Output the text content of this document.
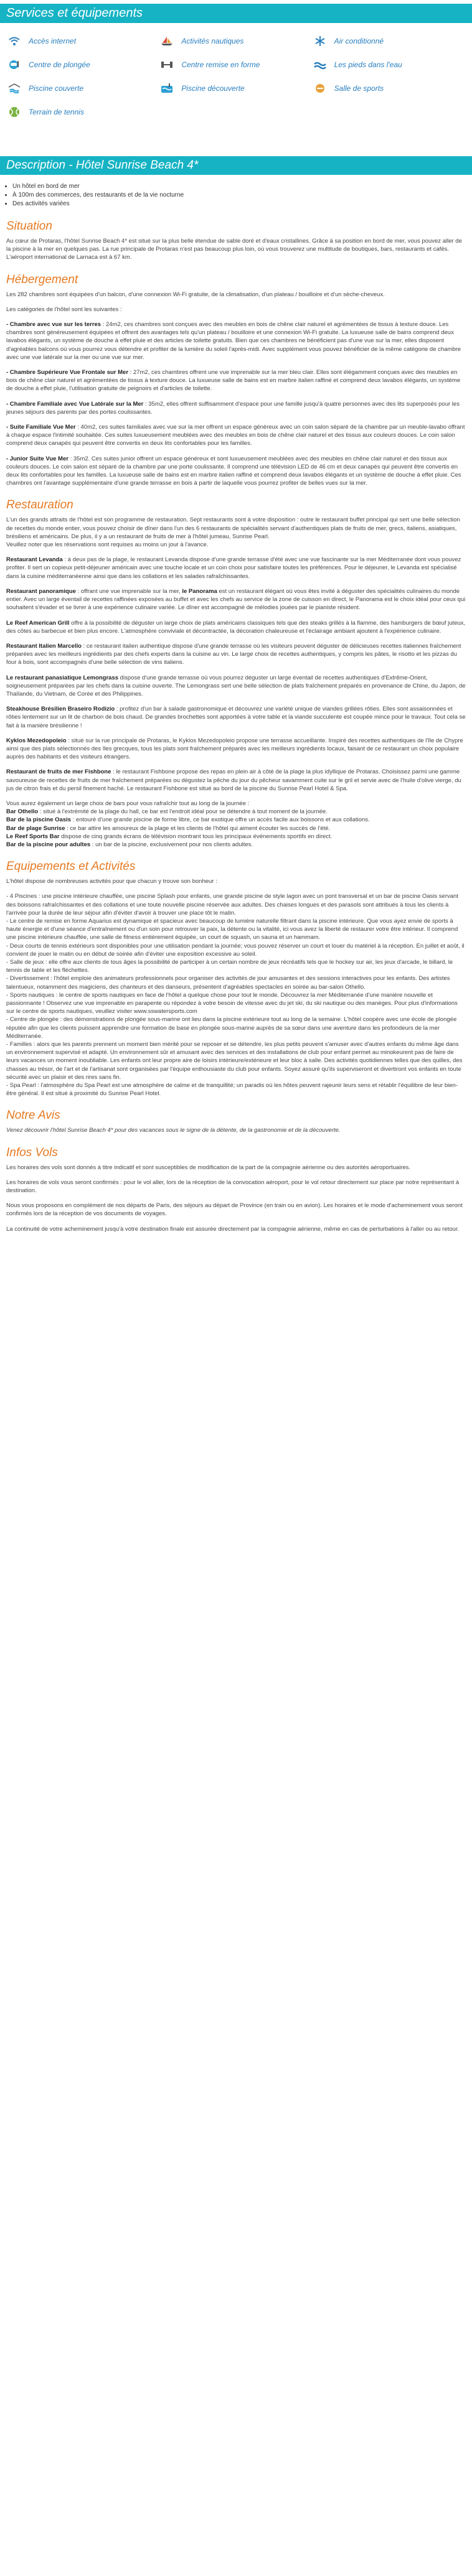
Services et équipements
Accès internet	Activités nautiques	Air conditionné
Centre de plongée	Centre remise en forme	Les pieds dans l'eau
Piscine couverte	Piscine découverte	Salle de sports
Terrain de tennis
Description - Hôtel Sunrise Beach 4*
• Un hôtel en bord de mer
• À 100m des commerces, des restaurants et de la vie nocturne
• Des activités variées
Situation

Au cœur de Protaras, l'hôtel Sunrise Beach 4* est situé sur la plus belle étendue de sable doré et d'eaux cristallines. Grâce à sa position en bord de mer, vous pouvez aller de la piscine à la mer en quelques pas. La rue principale de Protaras n'est pas beaucoup plus loin, où vous trouverez une multitude de boutiques, bars, restaurants et cafés. L'aéroport international de Larnaca est à 67 km.

Hébergement

Les 282 chambres sont équipées d'un balcon, d'une connexion Wi-Fi gratuite, de la climatisation, d'un plateau / bouilloire et d'un sèche-cheveux.

Les catégories de l'hôtel sont les suivantes :

- Chambre avec vue sur les terres : 24m2, ces chambres sont conçues avec des meubles en bois de chêne clair naturel et agrémentées de tissus à texture douce. Les chambres sont généreusement équipées et offrent des avantages tels qu'un plateau / bouilloire et une connexion Wi-Fi gratuite. La luxueuse salle de bains comprend deux lavabos élégants, un système de douche à effet pluie et des articles de toilette gratuits. Bien que ces chambres ne bénéficient pas d'une vue sur la mer, elles disposent d'agréables balcons où vous pourrez vous détendre et profiter de la lumière du soleil l'après-midi. Avec supplément vous pouvez bénéficier de la même catégorie de chambre avec une vue latérale sur la mer ou une vue sur mer.

- Chambre Supérieure Vue Frontale sur Mer : 27m2, ces chambres offrent une vue imprenable sur la mer bleu clair. Elles sont élégamment conçues avec des meubles en bois de chêne clair naturel et agrémentées de tissus à texture douce. La luxueuse salle de bains est en marbre italien raffiné et comprend deux lavabos élégants, un système de douche à effet pluie, l'utilisation gratuite de peignoirs et d'articles de toilette.

- Chambre Familiale avec Vue Latérale sur la Mer : 35m2, elles offrent suffisamment d'espace pour une famille jusqu'à quatre personnes avec des lits superposés pour les jeunes séjours des parents par des portes coulissantes.

- Suite Familiale Vue Mer : 40m2, ces suites familiales avec vue sur la mer offrent un espace généreux avec un coin salon séparé de la chambre par un meuble-lavabo offrant à chaque espace l'intimité souhaitée. Ces suites luxueusement meublées avec des meubles en bois de chêne clair naturel et des tissus aux couleurs douces. Le coin salon comprend deux canapés qui peuvent être convertis en deux lits confortables pour les familles.

- Junior Suite Vue Mer : 35m2. Ces suites junior offrent un espace généreux et sont luxueusement meublées avec des meubles en chêne clair naturel et des tissus aux couleurs douces. Le coin salon est séparé de la chambre par une porte coulissante. Il comprend une télévision LED de 46 cm et deux canapés qui peuvent être convertis en deux lits confortables pour les familles. La luxueuse salle de bains est en marbre italien raffiné et comprend deux lavabos élégants et un système de douche à effet pluie. Ces chambres ont l'avantage supplémentaire d'une grande terrasse en bois à partir de laquelle vous pourrez profiter de belles vues sur la mer.

Restauration

L'un des grands attraits de l'hôtel est son programme de restauration. Sept restaurants sont à votre disposition : outre le restaurant buffet principal qui sert une belle sélection de recettes du monde entier, vous pouvez choisir de dîner dans l'un des 6 restaurants de spécialités servant d'authentiques plats de fruits de mer, grecs, italiens, asiatiques, brésiliens et américains. De plus, il y a un restaurant de fruits de mer à l'hôtel jumeau, Sunrise Pearl.
Veuillez noter que les réservations sont requises au moins un jour à l'avance.

Restaurant Levanda : à deux pas de la plage, le restaurant Levanda dispose d'une grande terrasse d'été avec une vue fascinante sur la mer Méditerranée dont vous pouvez profiter. Il sert un copieux petit-déjeuner américain avec une touche locale et un coin choix pour satisfaire toutes les préférences. Pour le déjeuner, le Levanda est spécialisé dans la cuisine méditerranéenne ainsi que dans les collations et les salades rafraîchissantes.

Restaurant panoramique : offrant une vue imprenable sur la mer, le Panorama est un restaurant élégant où vous êtes invité à déguster des spécialités culinaires du monde entier. Avec un large éventail de recettes raffinées exposées au buffet et avec les chefs au service de la zone de cuisson en direct, le Panorama est le choix idéal pour ceux qui souhaitent s'évader et se livrer à une expérience culinaire variée. Le dîner est accompagné de mélodies jouées par le pianiste résident.

Le Reef American Grill offre à la possibilité de déguster un large choix de plats américains classiques tels que des steaks grillés à la flamme, des hamburgers de bœuf juteux, des côtes au barbecue et bien plus encore. L'atmosphère conviviale et décontractée, la décoration chaleureuse et l'éclairage ambiant ajoutent à l'expérience culinaire.

Restaurant Italien Marcello : ce restaurant italien authentique dispose d'une grande terrasse où les visiteurs peuvent déguster de délicieuses recettes italiennes fraîchement préparées avec les meilleurs ingrédients par des chefs experts dans la cuisine au vin. Le large choix de recettes authentiques, y compris les pâtes, le risotto et les pizzas du four à bois, sont accompagnés d'une belle sélection de vins italiens.

Le restaurant panasiatique Lemongrass dispose d'une grande terrasse où vous pourrez déguster un large éventail de recettes authentiques d'Extrême-Orient, soigneusement préparées par les chefs dans la cuisine ouverte. The Lemongrass sert une belle sélection de plats fraîchement préparés en provenance de Chine, du Japon, de Thaïlande, du Vietnam, de Corée et des Philippines.

Steakhouse Brésilien Braseiro Rodizio : profitez d'un bar à salade gastronomique et découvrez une variété unique de viandes grillées rôties. Elles sont assaisonnées et rôties lentement sur un lit de charbon de bois chaud. De grandes brochettes sont apportées à votre table et la viande succulente est coupée mince pour le travaux. Tout cela se fait à la manière brésilienne !

Kyklos Mezedopoleio : situé sur la rue principale de Protaras, le Kyklos Mezedopoleio propose une terrasse accueillante. Inspiré des recettes authentiques de l'île de Chypre ainsi que des plats sélectionnés des îles grecques, tous les plats sont fraîchement préparés avec les meilleurs ingrédients locaux, faisant de ce restaurant un choix populaire auprès des habitants et des visiteurs étrangers.

Restaurant de fruits de mer Fishbone : le restaurant Fishbone propose des repas en plein air à côté de la plage la plus idyllique de Protaras. Choisissez parmi une gamme savoureuse de recettes de fruits de mer fraîchement préparées ou dégustez la pêche du jour du pêcheur savamment cuite sur le gril et servie avec de l'huile d'olive vierge, du jus de citron frais et du persil finement haché. Le restaurant Fishbone est situé au bord de la piscine du Sunrise Pearl Hotel & Spa.

Vous aurez également un large choix de bars pour vous rafraîchir tout au long de la journée :
Bar Othello : situé à l'extrémité de la plage du hall, ce bar est l'endroit idéal pour se détendre à tout moment de la journée.
Bar de la piscine Oasis : entouré d'une grande piscine de forme libre, ce bar exotique offre un accès facile aux boissons et aux collations.
Bar de plage Sunrise : ce bar attire les amoureux de la plage et les clients de l'hôtel qui aiment écouter les succès de l'été.
Le Reef Sports Bar dispose de cinq grands écrans de télévision montrant tous les principaux événements sportifs en direct.
Bar de la piscine pour adultes : un bar de la piscine, exclusivement pour nos clients adultes.

Equipements et Activités

L'hôtel dispose de nombreuses activités pour que chacun y trouve son bonheur :

- 4 Piscines : une piscine intérieure chauffée, une piscine Splash pour enfants, une grande piscine de style lagon avec un pont transversal et un bar de piscine Oasis servant des boissons rafraîchissantes et des collations et une toute nouvelle piscine réservée aux adultes. Des chaises longues et des parasols sont attribués à tous les clients à l'arrivée pour la durée de leur séjour afin d'éviter d'avoir à trouver une place tôt le matin.
- Le centre de remise en forme Aquarius est dynamique et spacieux avec beaucoup de lumière naturelle filtrant dans la piscine intérieure. Que vous ayez envie de sports à haute énergie et d'une séance d'entraînement ou d'un soin pour retrouver la paix, la détente ou la vitalité, ici vous avez la liberté de restaurer votre être intérieur. Il comprend une piscine intérieure chauffée, une salle de fitness entièrement équipée, un court de squash, un sauna et un hammam.
- Deux courts de tennis extérieurs sont disponibles pour une utilisation pendant la journée; vous pouvez réserver un court et louer du matériel à la réception. En juillet et août, il convient de jouer le matin ou en début de soirée afin d'éviter une exposition excessive au soleil.
- Salle de jeux : elle offre aux clients de tous âges la possibilité de participer à un certain nombre de jeux récréatifs tels que le hockey sur air, les jeux d'arcade, le billard, le tennis de table et les fléchettes.
- Divertissement : l'hôtel emploie des animateurs professionnels pour organiser des activités de jour amusantes et des sessions interactives pour les enfants. Des artistes talentueux, notamment des magiciens, des chanteurs et des danseurs, présentent d'agréables spectacles en soirée au bar-salon Othello.
- Sports nautiques : le centre de sports nautiques en face de l'hôtel a quelque chose pour tout le monde. Découvrez la mer Méditerranée d'une manière nouvelle et passionnante ! Observez une vue imprenable en parapente ou répondez à votre besoin de vitesse avec du jet ski, du ski nautique ou des manèges. Pour plus d'informations sur le centre de sports nautiques, veuillez visiter www.sswatersports.com
- Centre de plongée : des démonstrations de plongée sous-marine ont lieu dans la piscine extérieure tout au long de la semaine. L'hôtel coopère avec une école de plongée réputée afin que les clients puissent apprendre une formation de base en plongée sous-marine auprès de sa sœur dans une aventure dans les profondeurs de la mer Méditerranée.
- Familles : alors que les parents prennent un moment bien mérité pour se reposer et se détendre, les plus petits peuvent s'amuser avec d'autres enfants du même âge dans un environnement supervisé et adapté. Un environnement sûr et amusant avec des services et des installations de club pour enfant permet au minokeurent pas de faire de leurs vacances un moment inoubliable. Les enfants ont leur propre aire de loisirs intérieure/extérieure et leur bloc à salle. Des activités quotidiennes telles que des quilles, des chasses au trésor, de l'art et de l'artisanat sont organisées par l'équipe enthousiaste du club pour enfants. Soyez assuré qu'ils superviseront et divertiront vos enfants en toute sécurité avec un plaisir et des rires sans fin.
- Spa Pearl : l'atmosphère du Spa Pearl est une atmosphère de calme et de tranquillité; un paradis où les hôtes peuvent rajeunir leurs sens et rétablir l'équilibre de leur bien-être général. Il est situé à proximité du Sunrise Pearl Hotel.

Notre Avis

Venez découvrir l'hôtel Sunrise Beach 4* pour des vacances sous le signe de la détente, de la gastronomie et de la découverte.

Infos Vols

Les horaires des vols sont donnés à titre indicatif et sont susceptibles de modification de la part de la compagnie aérienne ou des autorités aéroportuaires.

Les horaires de vols vous seront confirmés : pour le vol aller, lors de la réception de la convocation aéroport, pour le vol retour directement sur place par notre représentant à destination.

Nous vous proposons en complément de nos départs de Paris, des séjours au départ de Province (en train ou en avion). Les horaires et le mode d'acheminement vous seront confirmés lors de la réception de vos documents de voyages.

La continuité de votre acheminement jusqu'à votre destination finale est assurée directement par la compagnie aérienne, même en cas de perturbations à l'aller ou au retour.
